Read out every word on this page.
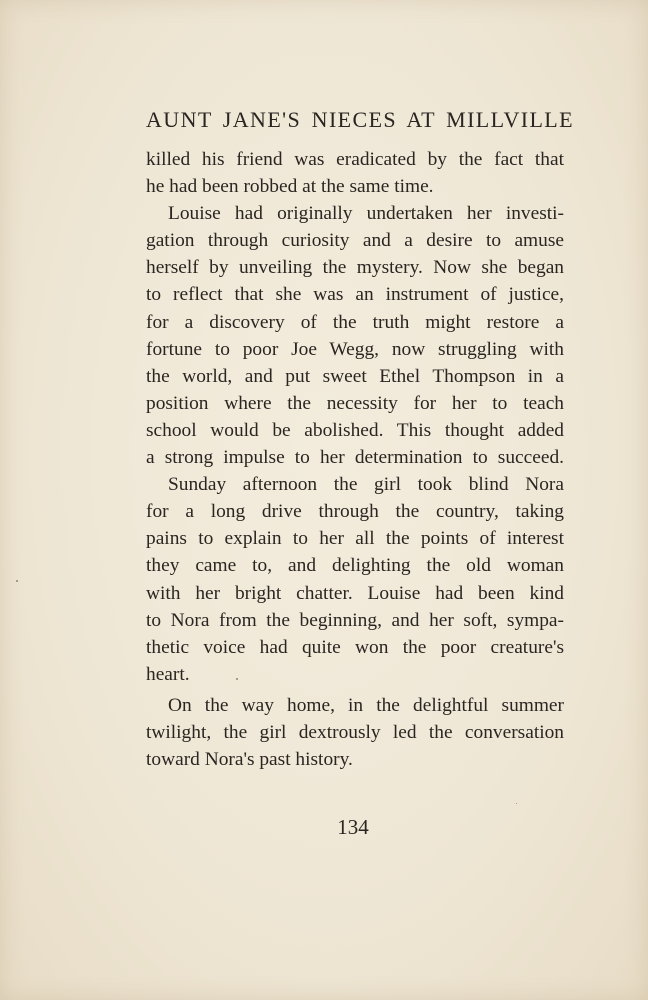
AUNT JANE'S NIECES AT MILLVILLE
killed his friend was eradicated by the fact that
he had been robbed at the same time.
Louise had originally undertaken her investi-
gation through curiosity and a desire to amuse
herself by unveiling the mystery. Now she began
to reflect that she was an instrument of justice,
for a discovery of the truth might restore a
fortune to poor Joe Wegg, now struggling with
the world, and put sweet Ethel Thompson in a
position where the necessity for her to teach
school would be abolished. This thought added
a strong impulse to her determination to succeed.
Sunday afternoon the girl took blind Nora
for a long drive through the country, taking
pains to explain to her all the points of interest
they came to, and delighting the old woman
with her bright chatter. Louise had been kind
to Nora from the beginning, and her soft, sympa-
thetic voice had quite won the poor creature's
heart.
On the way home, in the delightful summer
twilight, the girl dextrously led the conversation
toward Nora's past history.
134
